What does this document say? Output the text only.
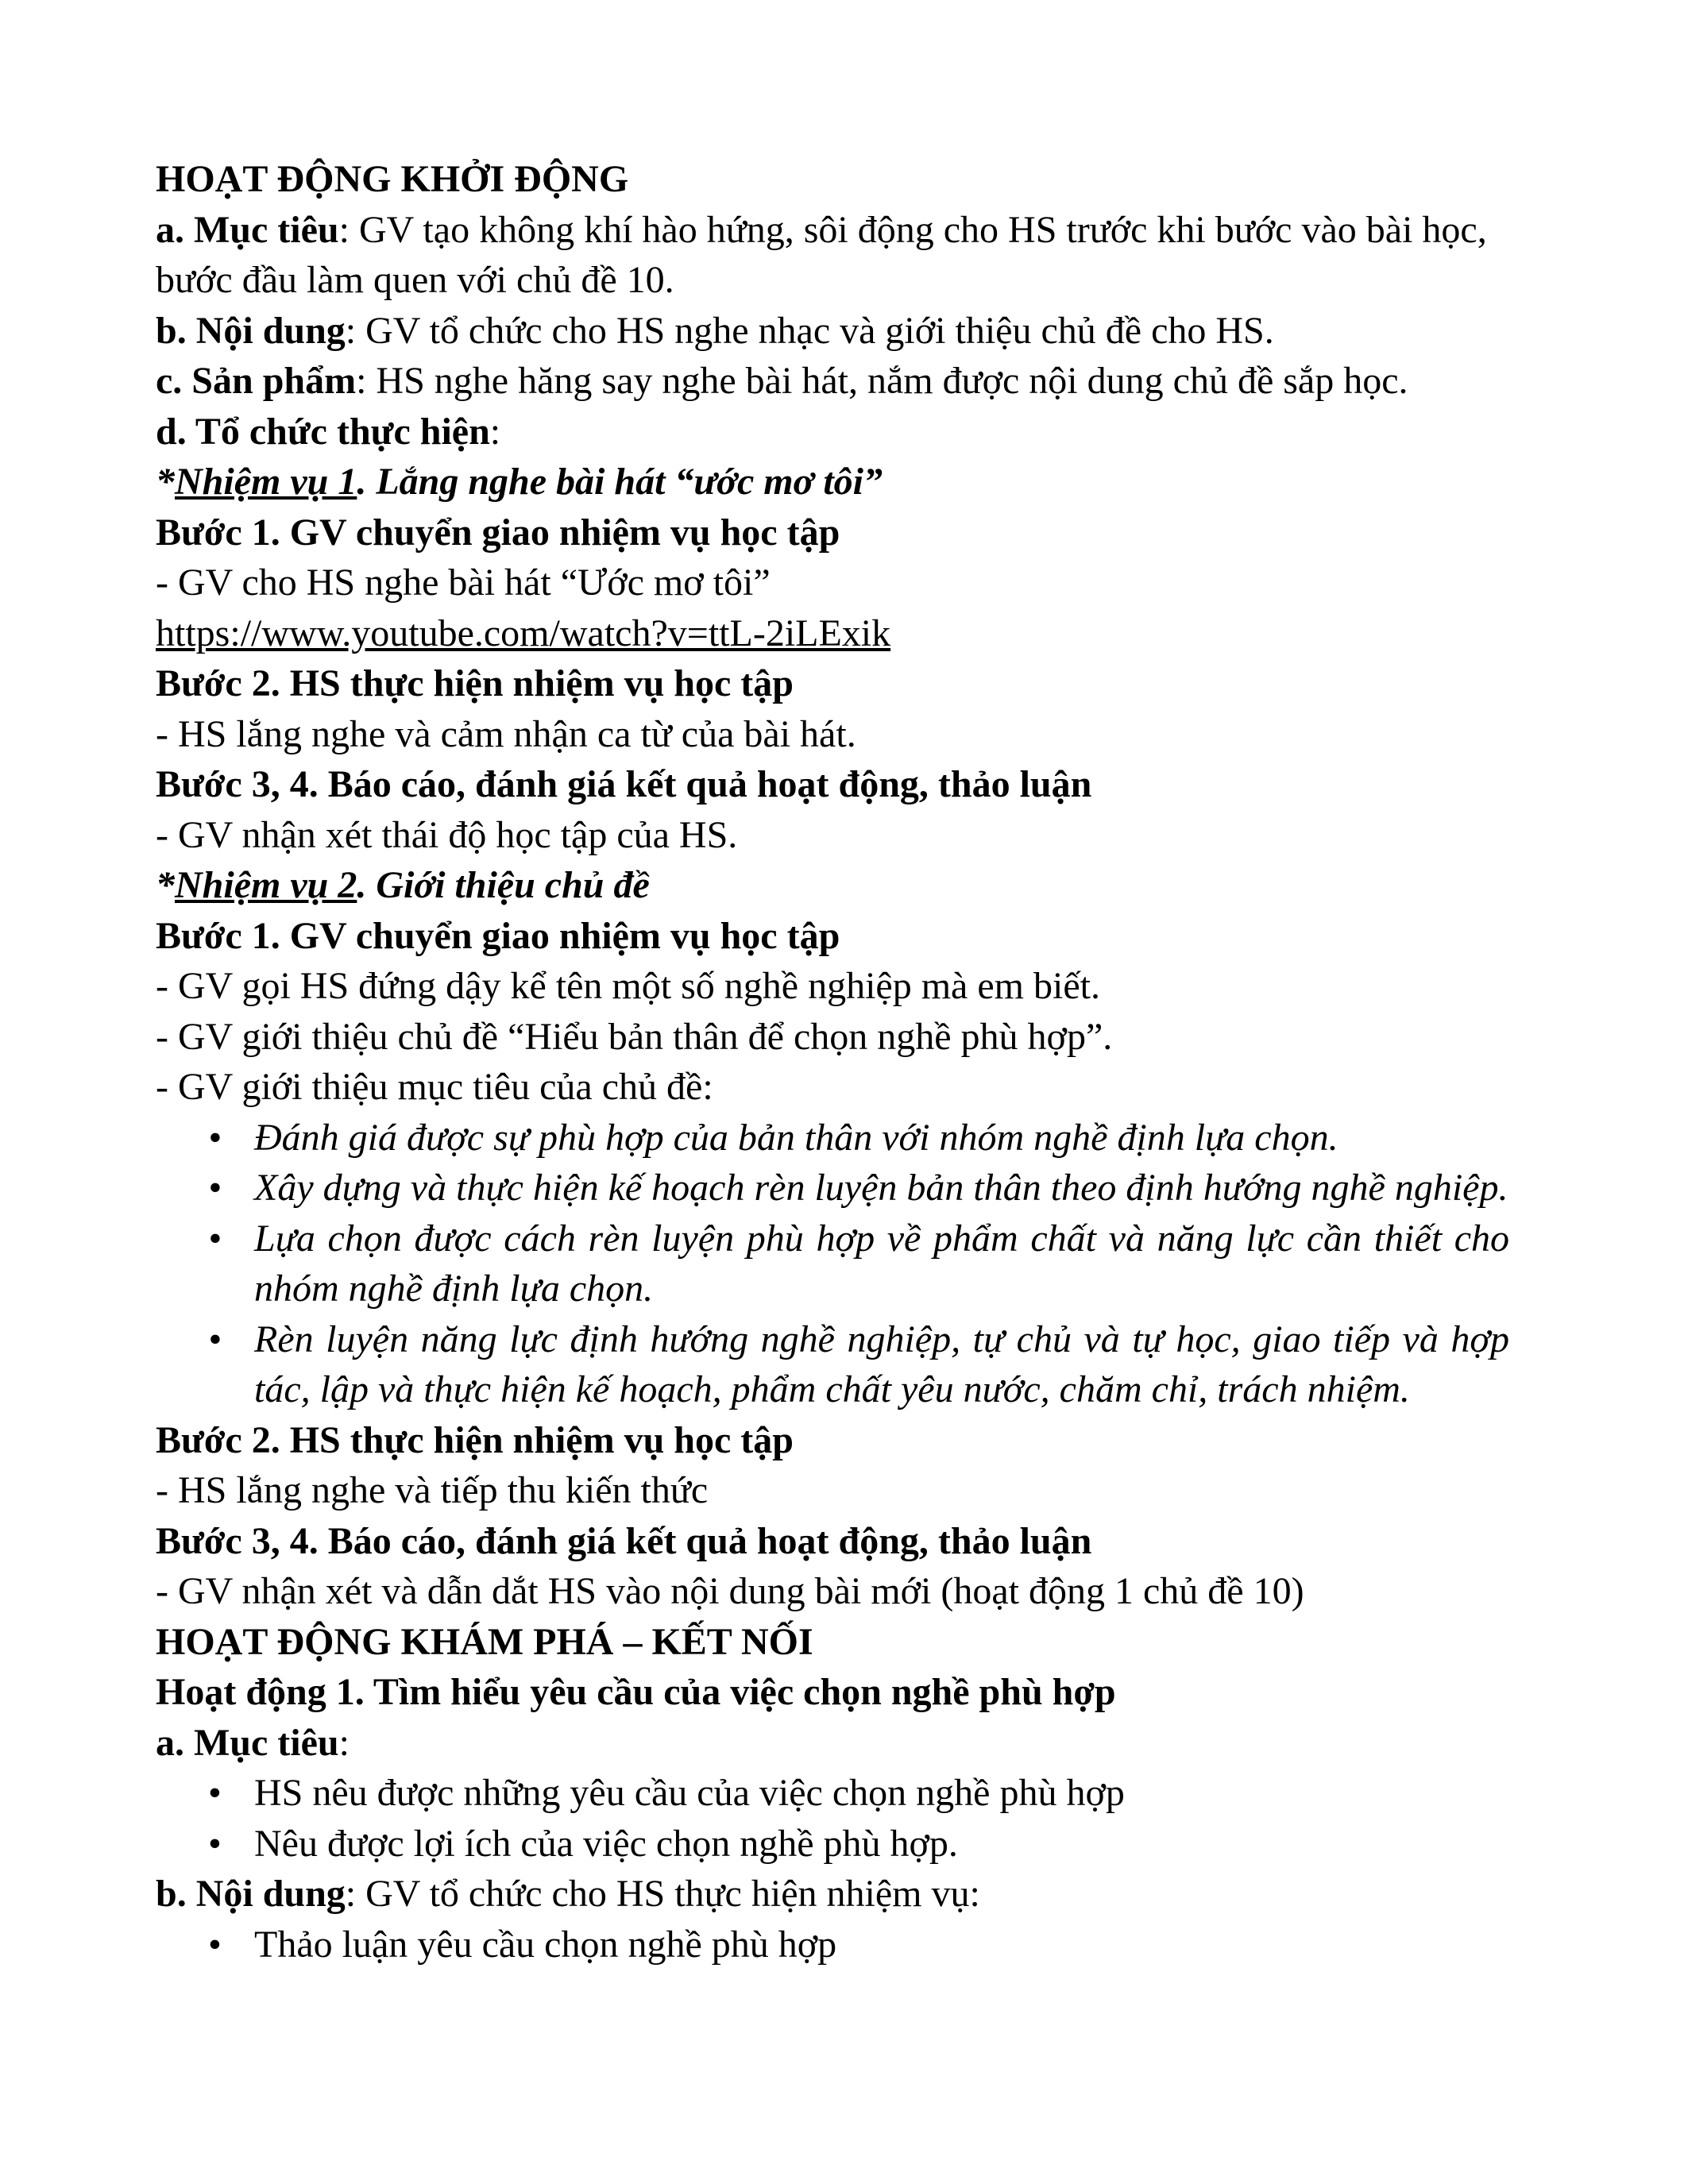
HOẠT ĐỘNG KHỞI ĐỘNG

a. Mục tiêu: GV tạo không khí hào hứng, sôi động cho HS trước khi bước vào bài học, bước đầu làm quen với chủ đề 10.

b. Nội dung: GV tổ chức cho HS nghe nhạc và giới thiệu chủ đề cho HS.

c. Sản phẩm: HS nghe hăng say nghe bài hát, nắm được nội dung chủ đề sắp học.

d. Tổ chức thực hiện:

*Nhiệm vụ 1. Lắng nghe bài hát “ước mơ tôi”

Bước 1. GV chuyển giao nhiệm vụ học tập

- GV cho HS nghe bài hát “Ước mơ tôi”

https://www.youtube.com/watch?v=ttL-2iLExik

Bước 2. HS thực hiện nhiệm vụ học tập

- HS lắng nghe và cảm nhận ca từ của bài hát.

Bước 3, 4. Báo cáo, đánh giá kết quả hoạt động, thảo luận

- GV nhận xét thái độ học tập của HS.

*Nhiệm vụ 2. Giới thiệu chủ đề

Bước 1. GV chuyển giao nhiệm vụ học tập

- GV gọi HS đứng dậy kể tên một số nghề nghiệp mà em biết.

- GV giới thiệu chủ đề “Hiểu bản thân để chọn nghề phù hợp”.

- GV giới thiệu mục tiêu của chủ đề:

• Đánh giá được sự phù hợp của bản thân với nhóm nghề định lựa chọn.
• Xây dựng và thực hiện kế hoạch rèn luyện bản thân theo định hướng nghề nghiệp.
• Lựa chọn được cách rèn luyện phù hợp về phẩm chất và năng lực cần thiết cho nhóm nghề định lựa chọn.
• Rèn luyện năng lực định hướng nghề nghiệp, tự chủ và tự học, giao tiếp và hợp tác, lập và thực hiện kế hoạch, phẩm chất yêu nước, chăm chỉ, trách nhiệm.

Bước 2. HS thực hiện nhiệm vụ học tập

- HS lắng nghe và tiếp thu kiến thức

Bước 3, 4. Báo cáo, đánh giá kết quả hoạt động, thảo luận

- GV nhận xét và dẫn dắt HS vào nội dung bài mới (hoạt động 1 chủ đề 10)

HOẠT ĐỘNG KHÁM PHÁ – KẾT NỐI

Hoạt động 1. Tìm hiểu yêu cầu của việc chọn nghề phù hợp

a. Mục tiêu:

• HS nêu được những yêu cầu của việc chọn nghề phù hợp
• Nêu được lợi ích của việc chọn nghề phù hợp.

b. Nội dung: GV tổ chức cho HS thực hiện nhiệm vụ:

• Thảo luận yêu cầu chọn nghề phù hợp
